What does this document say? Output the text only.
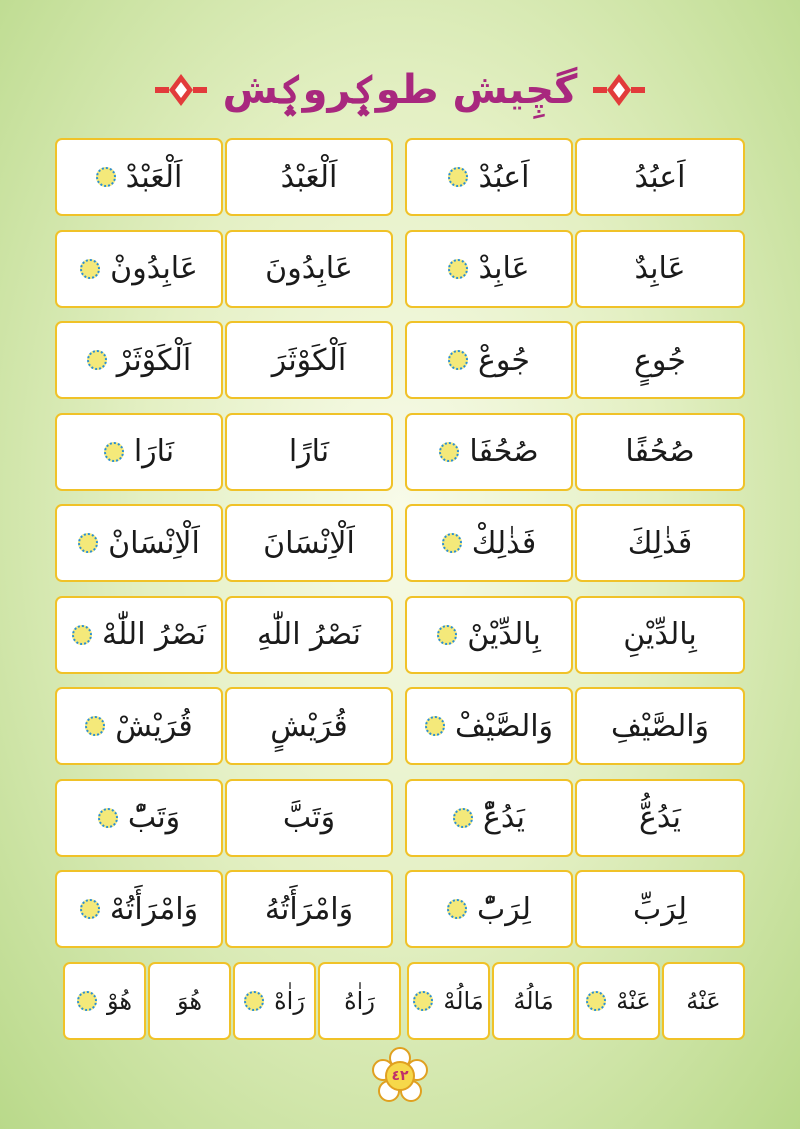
گچِیش طوݤروݤش
اَعبُدُ
اَعبُدْ
اَلْعَبْدُ
اَلْعَبْدْ
عَابِدٌ
عَابِدْ
عَابِدُونَ
عَابِدُونْ
جُوعٍ
جُوعْ
اَلْكَوْثَرَ
اَلْكَوْثَرْ
صُحُفًا
صُحُفَا
نَارًا
نَارَا
فَذٰلِكَ
فَذٰلِكْ
اَلْاِنْسَانَ
اَلْاِنْسَانْ
بِالدِّيْنِ
بِالدِّيْنْ
نَصْرُ اللّٰهِ
نَصْرُ اللّٰهْ
وَالصَّيْفِ
وَالصَّيْفْ
قُرَيْشٍ
قُرَيْشْ
يَدُعُّ
يَدُعّْ
وَتَبَّ
وَتَبّْ
لِرَبِّ
لِرَبّْ
وَامْرَأَتُهُ
وَامْرَأَتُهْ
عَنْهُ
عَنْهْ
مَالُهُ
مَالُهْ
رَاٰهُ
رَاٰهْ
هُوَ
هُوْ
٤٢
